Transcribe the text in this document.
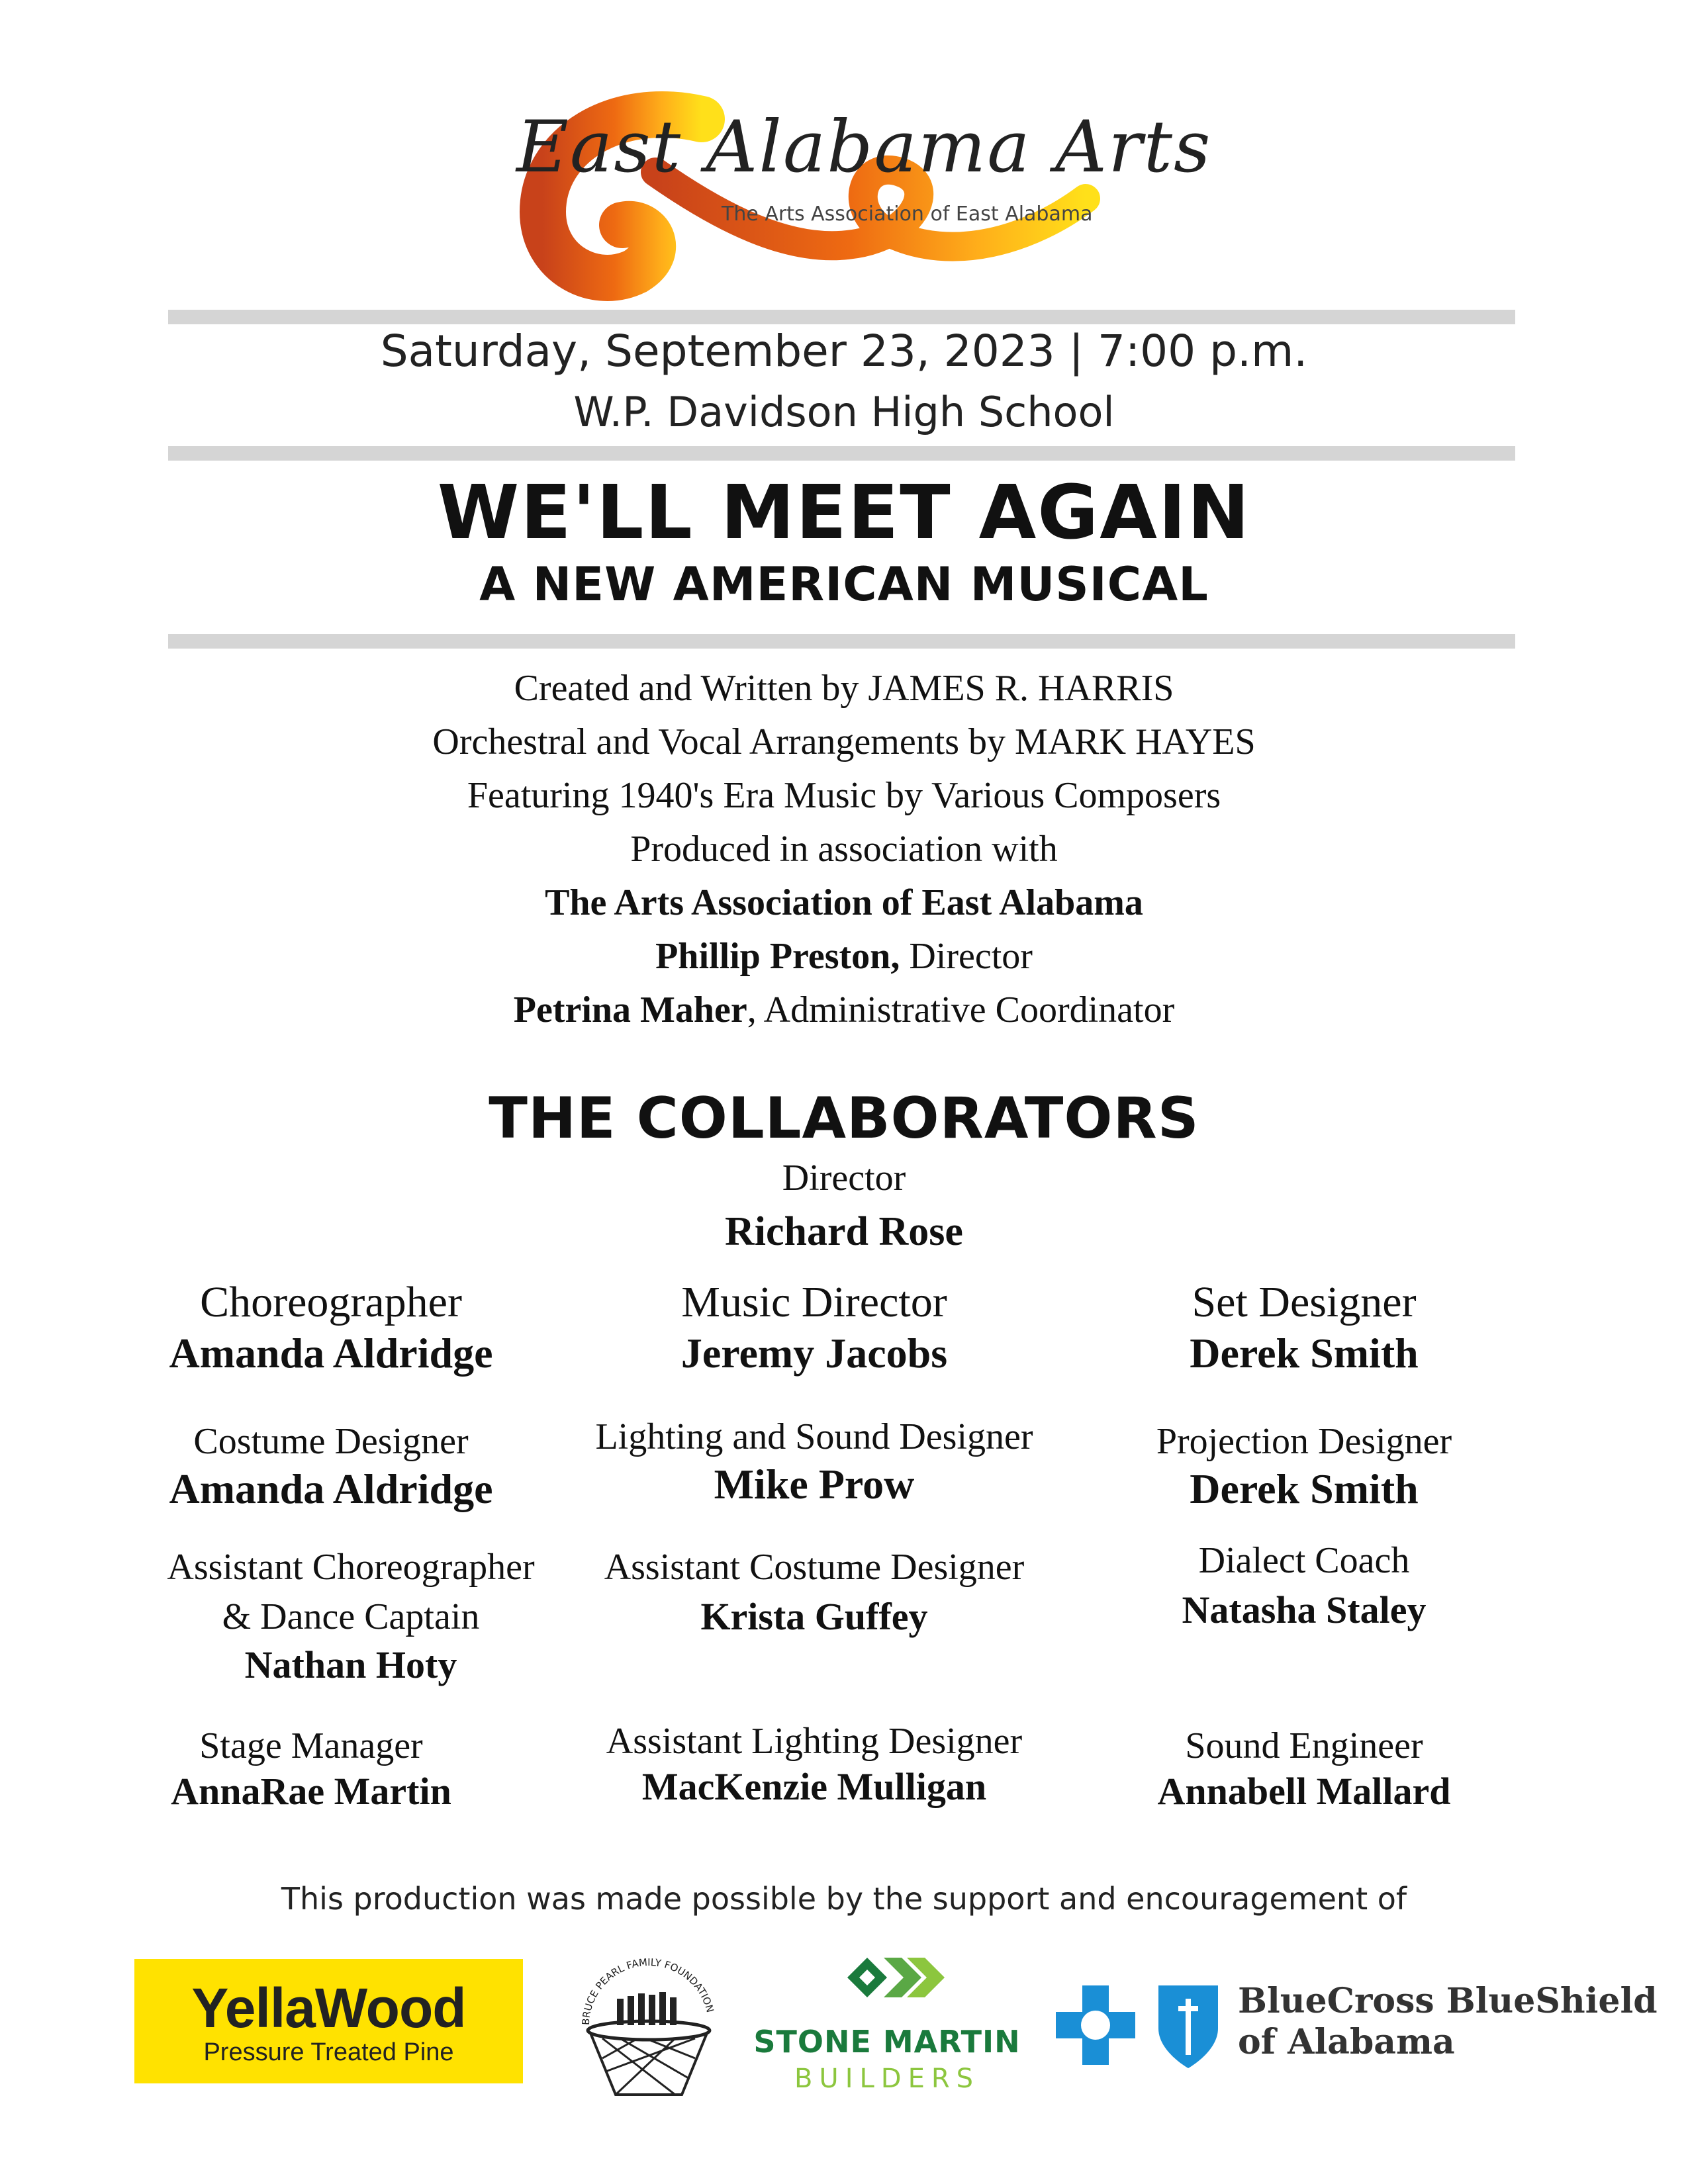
East Alabama Arts
The Arts Association of East Alabama
Saturday, September 23, 2023 | 7:00 p.m.
W.P. Davidson High School
WE'LL MEET AGAIN
A NEW AMERICAN MUSICAL
Created and Written by JAMES R. HARRIS
Orchestral and Vocal Arrangements by MARK HAYES
Featuring 1940's Era Music by Various Composers
Produced in association with
The Arts Association of East Alabama
Phillip Preston, Director
Petrina Maher, Administrative Coordinator
THE COLLABORATORS
Director
Richard Rose
Choreographer
Amanda Aldridge
Music Director
Jeremy Jacobs
Set Designer
Derek Smith
Costume Designer
Amanda Aldridge
Lighting and Sound Designer
Mike Prow
Projection Designer
Derek Smith
Assistant Choreographer
& Dance Captain
Nathan Hoty
Assistant Costume Designer
Krista Guffey
Dialect Coach
Natasha Staley
Stage Manager
AnnaRae Martin
Assistant Lighting Designer
MacKenzie Mulligan
Sound Engineer
Annabell Mallard
This production was made possible by the support and encouragement of
YellaWood
Pressure Treated Pine
BRUCE PEARL FAMILY FOUNDATION
STONE MARTIN
BUILDERS
BlueCross BlueShield
of Alabama
